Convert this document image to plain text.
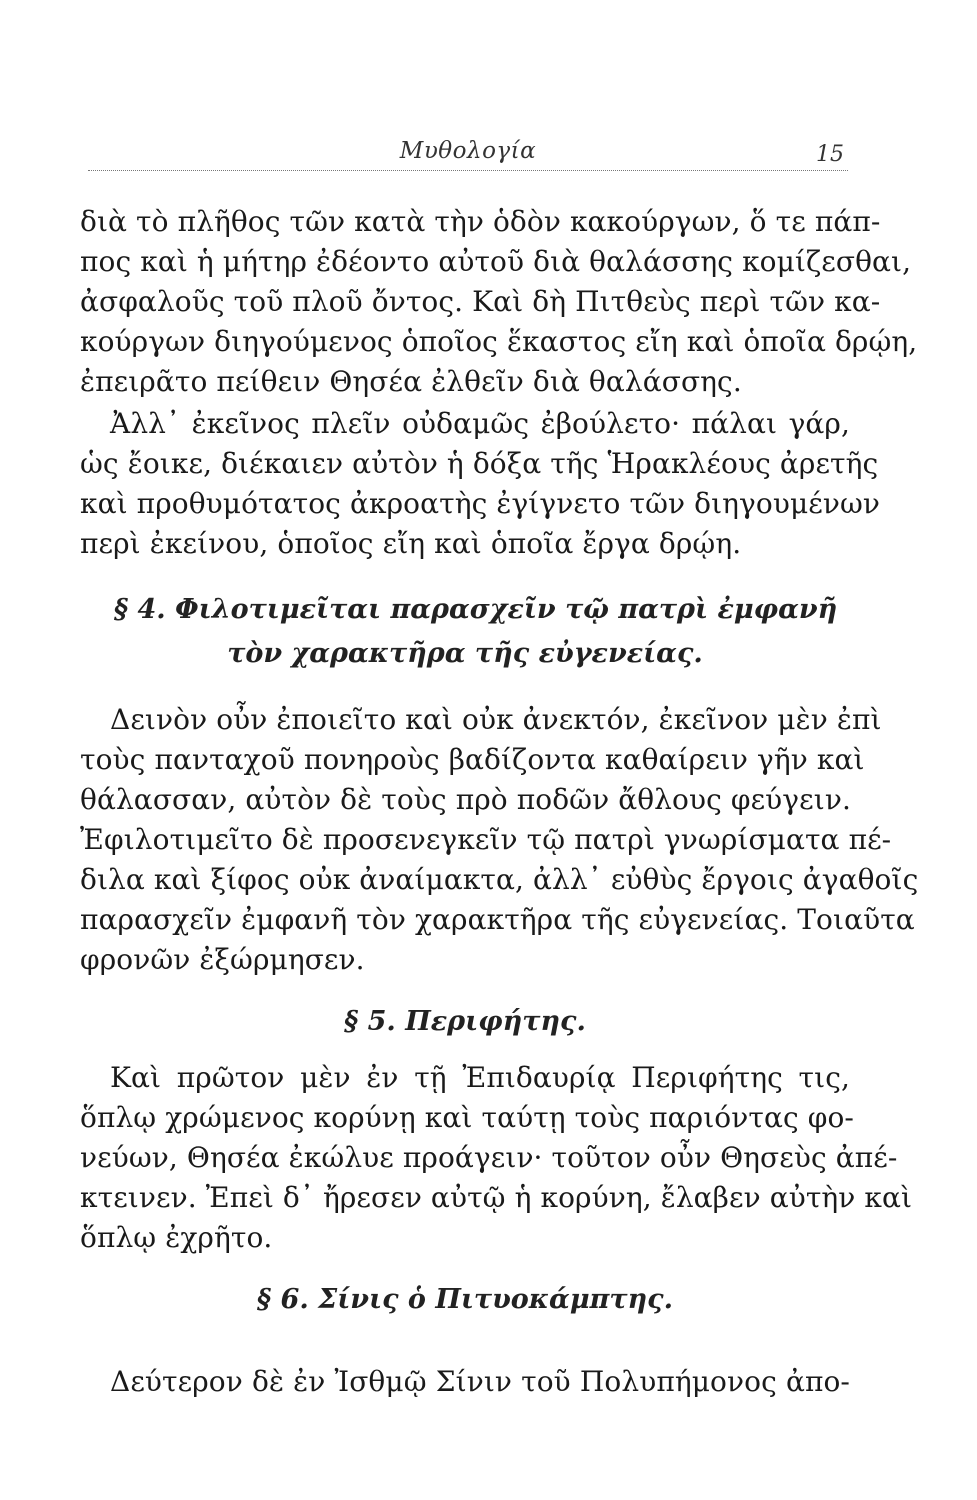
Μυθολογία	15
διὰ τὸ πλῆθος τῶν κατὰ τὴν ὁδὸν κακούργων, ὅ τε πάπ-
πος καὶ ἡ μήτηρ ἐδέοντο αὐτοῦ διὰ θαλάσσης κομίζεσθαι,
ἀσφαλοῦς τοῦ πλοῦ ὄντος. Καὶ δὴ Πιτθεὺς περὶ τῶν κα-
κούργων διηγούμενος ὁποῖος ἕκαστος εἴη καὶ ὁποῖα δρῴη,
ἐπειρᾶτο πείθειν Θησέα ἐλθεῖν διὰ θαλάσσης.
Ἀλλ᾽ ἐκεῖνος πλεῖν οὐδαμῶς ἐβούλετο· πάλαι γάρ,
ὡς ἔοικε, διέκαιεν αὐτὸν ἡ δόξα τῆς Ἡρακλέους ἀρετῆς
καὶ προθυμότατος ἀκροατὴς ἐγίγνετο τῶν διηγουμένων
περὶ ἐκείνου, ὁποῖος εἴη καὶ ὁποῖα ἔργα δρῴη.
§ 4. Φιλοτιμεῖται παρασχεῖν τῷ πατρὶ ἐμφανῆ
τὸν χαρακτῆρα τῆς εὐγενείας.
Δεινὸν οὖν ἐποιεῖτο καὶ οὐκ ἀνεκτόν, ἐκεῖνον μὲν ἐπὶ
τοὺς πανταχοῦ πονηροὺς βαδίζοντα καθαίρειν γῆν καὶ
θάλασσαν, αὐτὸν δὲ τοὺς πρὸ ποδῶν ἄθλους φεύγειν.
Ἐφιλοτιμεῖτο δὲ προσενεγκεῖν τῷ πατρὶ γνωρίσματα πέ-
διλα καὶ ξίφος οὐκ ἀναίμακτα, ἀλλ᾽ εὐθὺς ἔργοις ἀγαθοῖς
παρασχεῖν ἐμφανῆ τὸν χαρακτῆρα τῆς εὐγενείας. Τοιαῦτα
φρονῶν ἐξώρμησεν.
§ 5. Περιφήτης.
Καὶ πρῶτον μὲν ἐν τῇ Ἐπιδαυρίᾳ Περιφήτης τις,
ὅπλῳ χρώμενος κορύνῃ καὶ ταύτῃ τοὺς παριόντας φο-
νεύων, Θησέα ἐκώλυε προάγειν· τοῦτον οὖν Θησεὺς ἀπέ-
κτεινεν. Ἐπεὶ δ᾽ ἤρεσεν αὐτῷ ἡ κορύνη, ἔλαβεν αὐτὴν καὶ
ὅπλῳ ἐχρῆτο.
§ 6. Σίνις ὁ Πιτυοκάμπτης.
Δεύτερον δὲ ἐν Ἰσθμῷ Σίνιν τοῦ Πολυπήμονος ἀπο-
